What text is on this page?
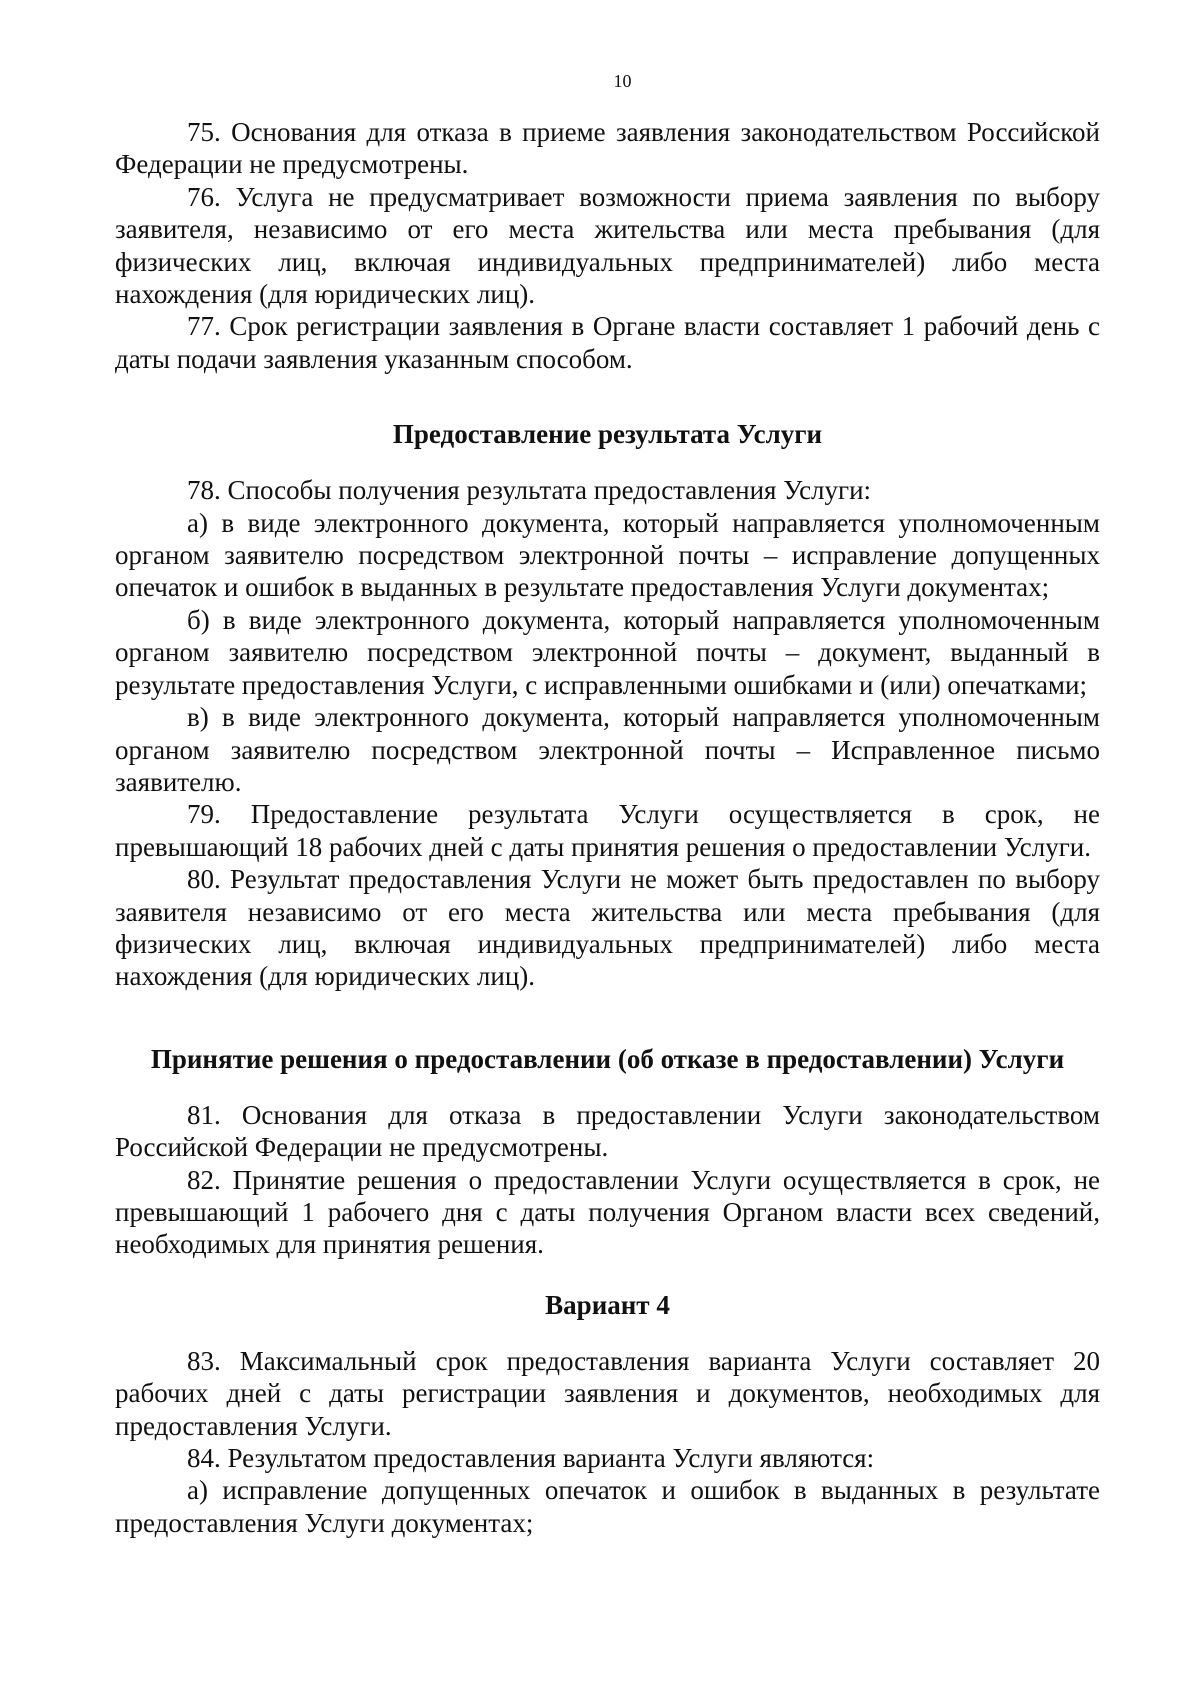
10

75. Основания для отказа в приеме заявления законодательством Российской Федерации не предусмотрены.

76. Услуга не предусматривает возможности приема заявления по выбору заявителя, независимо от его места жительства или места пребывания (для физических лиц, включая индивидуальных предпринимателей) либо места нахождения (для юридических лиц).

77. Срок регистрации заявления в Органе власти составляет 1 рабочий день с даты подачи заявления указанным способом.

Предоставление результата Услуги

78. Способы получения результата предоставления Услуги:

а) в виде электронного документа, который направляется уполномоченным органом заявителю посредством электронной почты – исправление допущенных опечаток и ошибок в выданных в результате предоставления Услуги документах;

б) в виде электронного документа, который направляется уполномоченным органом заявителю посредством электронной почты – документ, выданный в результате предоставления Услуги, с исправленными ошибками и (или) опечатками;

в) в виде электронного документа, который направляется уполномоченным органом заявителю посредством электронной почты – Исправленное письмо заявителю.

79. Предоставление результата Услуги осуществляется в срок, не превышающий 18 рабочих дней с даты принятия решения о предоставлении Услуги.

80. Результат предоставления Услуги не может быть предоставлен по выбору заявителя независимо от его места жительства или места пребывания (для физических лиц, включая индивидуальных предпринимателей) либо места нахождения (для юридических лиц).

Принятие решения о предоставлении (об отказе в предоставлении) Услуги

81. Основания для отказа в предоставлении Услуги законодательством Российской Федерации не предусмотрены.

82. Принятие решения о предоставлении Услуги осуществляется в срок, не превышающий 1 рабочего дня с даты получения Органом власти всех сведений, необходимых для принятия решения.

Вариант 4

83. Максимальный срок предоставления варианта Услуги составляет 20 рабочих дней с даты регистрации заявления и документов, необходимых для предоставления Услуги.

84. Результатом предоставления варианта Услуги являются:

а) исправление допущенных опечаток и ошибок в выданных в результате предоставления Услуги документах;
